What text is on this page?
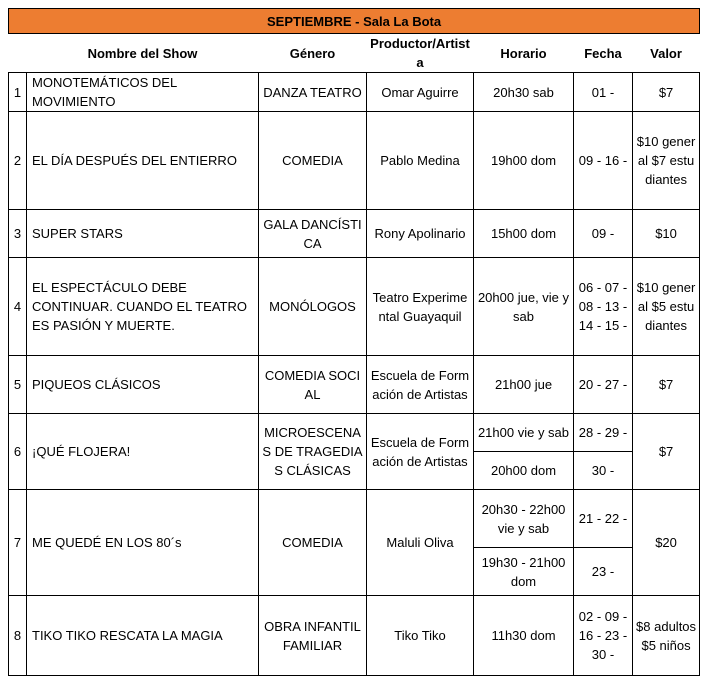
SEPTIEMBRE - Sala La Bota						
	Nombre del Show	Género	Productor/Artista	Horario	Fecha	Valor
1	MONOTEMÁTICOS DEL MOVIMIENTO	DANZA TEATRO	Omar Aguirre	20h30 sab	01 -	$7
2	EL DÍA DESPUÉS DEL ENTIERRO	COMEDIA	Pablo Medina	19h00 dom	09 - 16 -	$10 general $7 estudiantes
3	SUPER STARS	GALA DANCÍSTICA	Rony Apolinario	15h00 dom	09 -	$10
4	EL ESPECTÁCULO DEBE CONTINUAR. CUANDO EL TEATRO ES PASIÓN Y MUERTE.	MONÓLOGOS	Teatro Experimental Guayaquil	20h00 jue, vie y sab	06 - 07 - 08 - 13 - 14 - 15 -	$10 general $5 estudiantes
5	PIQUEOS CLÁSICOS	COMEDIA SOCIAL	Escuela de Formación de Artistas	21h00 jue	20 - 27 -	$7
6	¡QUÉ FLOJERA!	MICROESCENAS DE TRAGEDIAS CLÁSICAS	Escuela de Formación de Artistas	21h00 vie y sab	28 - 29 -	$7
				20h00 dom	30 -	
7	ME QUEDÉ EN LOS 80´s	COMEDIA	Maluli Oliva	20h30 - 22h00 vie y sab	21 - 22 -	$20
				19h30 - 21h00 dom	23 -	
8	TIKO TIKO RESCATA LA MAGIA	OBRA INFANTIL FAMILIAR	Tiko Tiko	11h30 dom	02 - 09 - 16 - 23 - 30 -	$8 adultos $5 niños
